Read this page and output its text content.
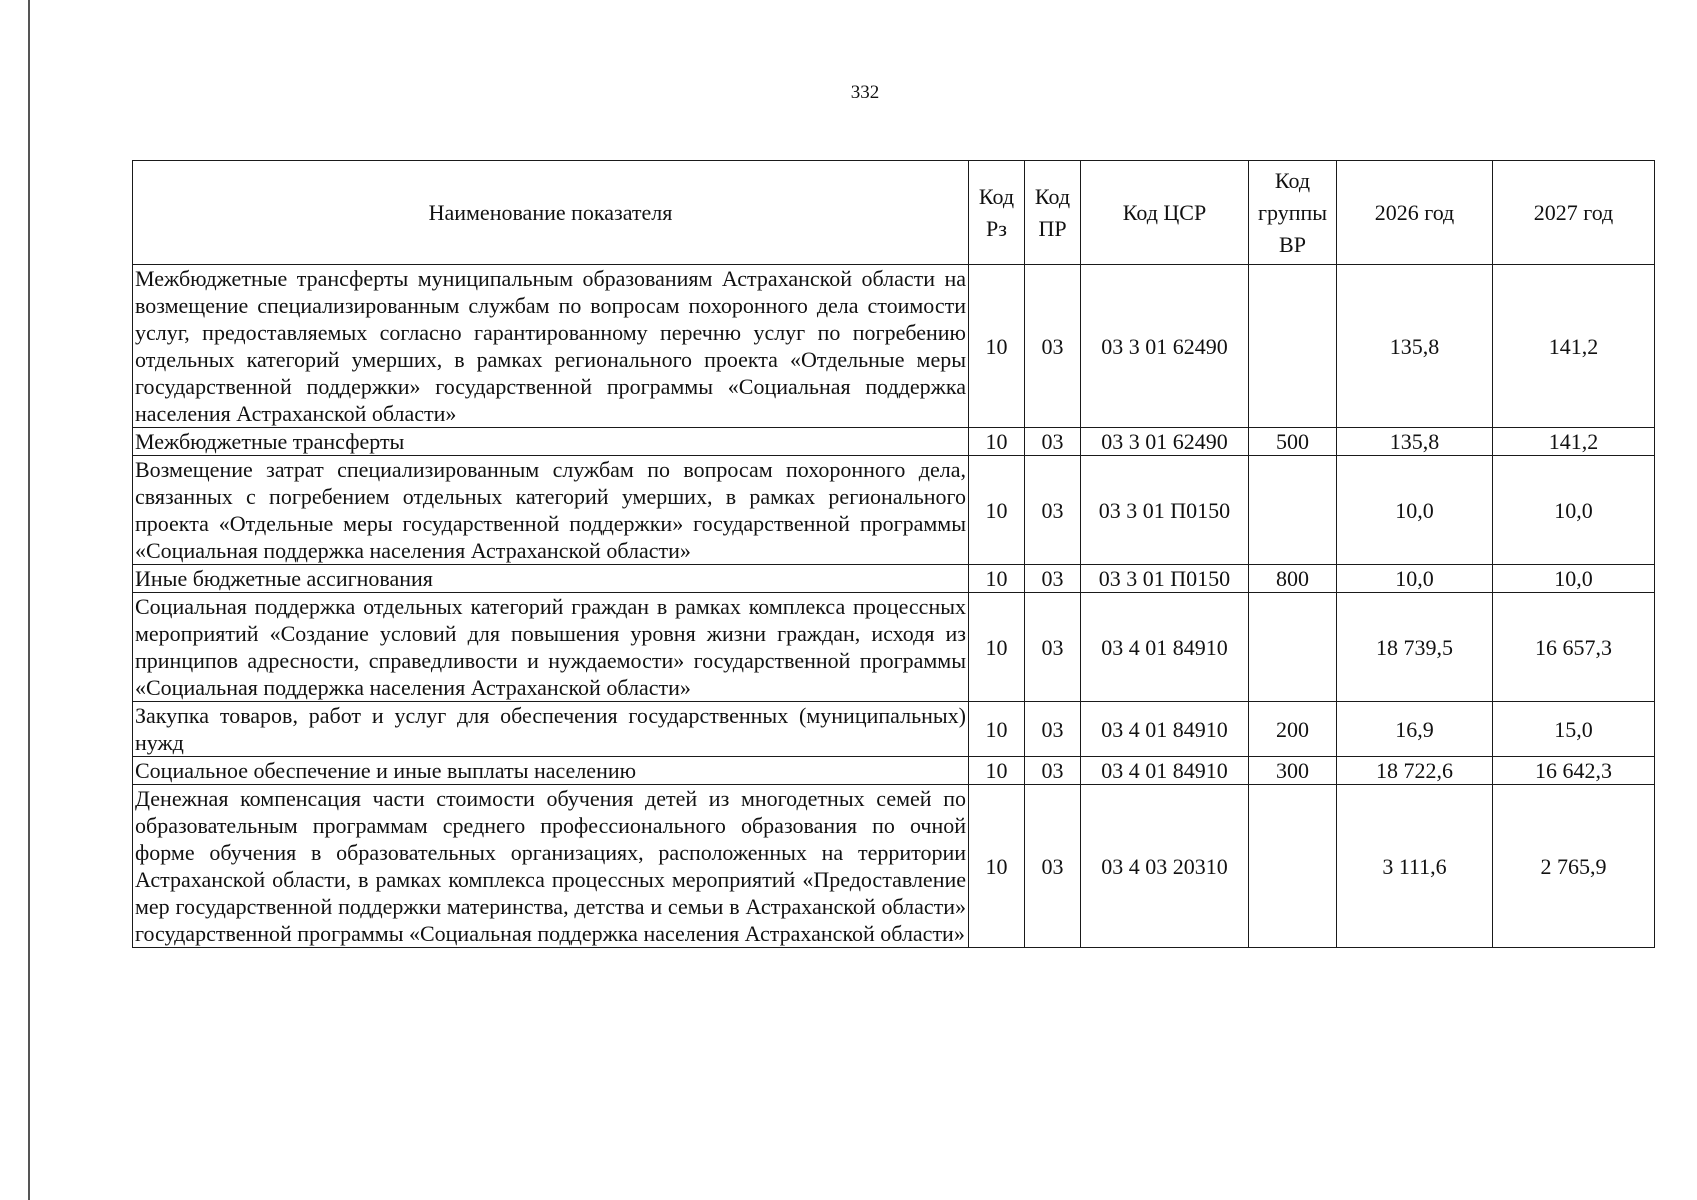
332
Наименование показателя	Код Рз	Код ПР	Код ЦСР	Код группы ВР	2026 год	2027 год
Межбюджетные трансферты муниципальным образованиям Астраханской области на возмещение специализированным службам по вопросам похоронного дела стоимости услуг, предоставляемых согласно гарантированному перечню услуг по погребению отдельных категорий умерших, в рамках регионального проекта «Отдельные меры государственной поддержки» государственной программы «Социальная поддержка населения Астраханской области»	10	03	03 3 01 62490		135,8	141,2
Межбюджетные трансферты	10	03	03 3 01 62490	500	135,8	141,2
Возмещение затрат специализированным службам по вопросам похоронного дела, связанных с погребением отдельных категорий умерших, в рамках регионального проекта «Отдельные меры государственной поддержки» государственной программы «Социальная поддержка населения Астраханской области»	10	03	03 3 01 П0150		10,0	10,0
Иные бюджетные ассигнования	10	03	03 3 01 П0150	800	10,0	10,0
Социальная поддержка отдельных категорий граждан в рамках комплекса процессных мероприятий «Создание условий для повышения уровня жизни граждан, исходя из принципов адресности, справедливости и нуждаемости» государственной программы «Социальная поддержка населения Астраханской области»	10	03	03 4 01 84910		18 739,5	16 657,3
Закупка товаров, работ и услуг для обеспечения государственных (муниципальных) нужд	10	03	03 4 01 84910	200	16,9	15,0
Социальное обеспечение и иные выплаты населению	10	03	03 4 01 84910	300	18 722,6	16 642,3
Денежная компенсация части стоимости обучения детей из многодетных семей по образовательным программам среднего профессионального образования по очной форме обучения в образовательных организациях, расположенных на территории Астраханской области, в рамках комплекса процессных мероприятий «Предоставление мер государственной поддержки материнства, детства и семьи в Астраханской области» государственной программы «Социальная поддержка населения Астраханской области»	10	03	03 4 03 20310		3 111,6	2 765,9
